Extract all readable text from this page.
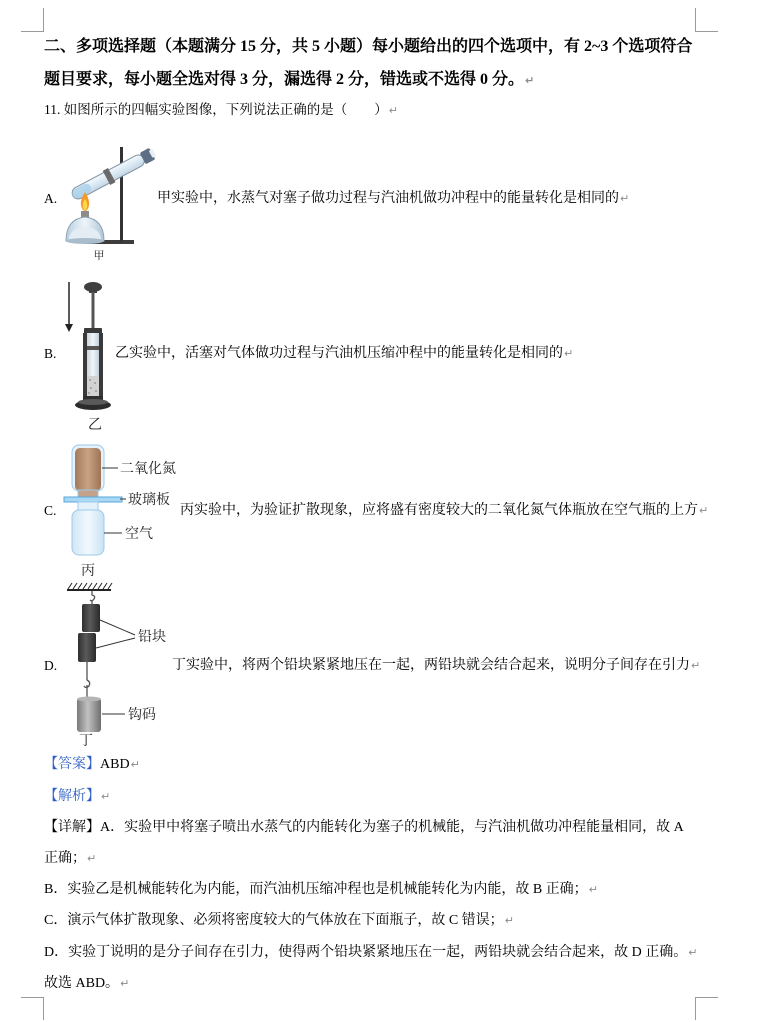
二、多项选择题（本题满分 15 分，共 5 小题）每小题给出的四个选项中，有 2~3 个选项符合
题目要求，每小题全选对得 3 分，漏选得 2 分，错选或不选得 0 分。↵
11. 如图所示的四幅实验图像，下列说法正确的是（　　）↵
A.
甲
甲实验中，水蒸气对塞子做功过程与汽油机做功冲程中的能量转化是相同的↵
B.
乙
乙实验中，活塞对气体做功过程与汽油机压缩冲程中的能量转化是相同的↵
C.
二氧化氮
玻璃板
空气
丙
丙实验中，为验证扩散现象，应将盛有密度较大的二氧化氮气体瓶放在空气瓶的上方↵
D.
铅块
钩码
丁
丁实验中，将两个铅块紧紧地压在一起，两铅块就会结合起来，说明分子间存在引力↵
【答案】ABD↵
【解析】↵
【详解】A．实验甲中将塞子喷出水蒸气的内能转化为塞子的机械能，与汽油机做功冲程能量相同，故 A
正确；↵
B．实验乙是机械能转化为内能，而汽油机压缩冲程也是机械能转化为内能，故 B 正确；↵
C．演示气体扩散现象、必须将密度较大的气体放在下面瓶子，故 C 错误；↵
D．实验丁说明的是分子间存在引力，使得两个铅块紧紧地压在一起，两铅块就会结合起来，故 D 正确。↵
故选 ABD。↵
